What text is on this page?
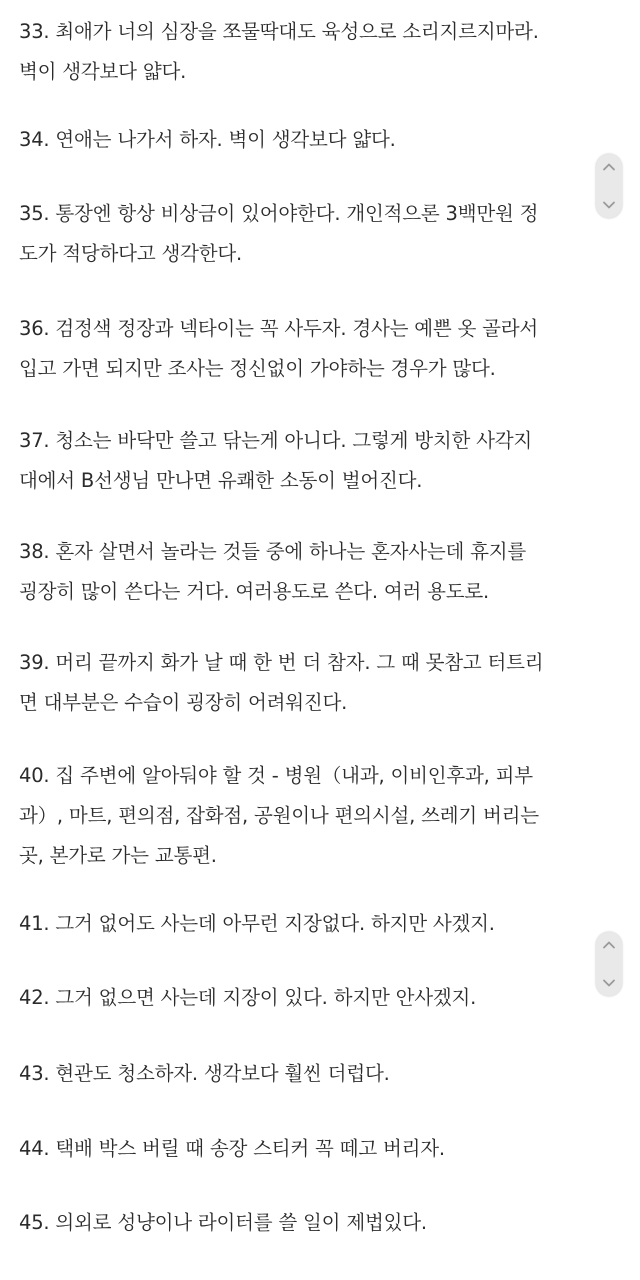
33. 최애가 너의 심장을 쪼물딱대도 육성으로 소리지르지마라.
벽이 생각보다 얇다.
34. 연애는 나가서 하자. 벽이 생각보다 얇다.
35. 통장엔 항상 비상금이 있어야한다. 개인적으론 3백만원 정
도가 적당하다고 생각한다.
36. 검정색 정장과 넥타이는 꼭 사두자. 경사는 예쁜 옷 골라서
입고 가면 되지만 조사는 정신없이 가야하는 경우가 많다.
37. 청소는 바닥만 쓸고 닦는게 아니다. 그렇게 방치한 사각지
대에서 B선생님 만나면 유쾌한 소동이 벌어진다.
38. 혼자 살면서 놀라는 것들 중에 하나는 혼자사는데 휴지를
굉장히 많이 쓴다는 거다. 여러용도로 쓴다. 여러 용도로.
39. 머리 끝까지 화가 날 때 한 번 더 참자. 그 때 못참고 터트리
면 대부분은 수습이 굉장히 어려워진다.
40. 집 주변에 알아둬야 할 것 - 병원（내과, 이비인후과, 피부
과）, 마트, 편의점, 잡화점, 공원이나 편의시설, 쓰레기 버리는
곳, 본가로 가는 교통편.
41. 그거 없어도 사는데 아무런 지장없다. 하지만 사겠지.
42. 그거 없으면 사는데 지장이 있다. 하지만 안사겠지.
43. 현관도 청소하자. 생각보다 훨씬 더럽다.
44. 택배 박스 버릴 때 송장 스티커 꼭 떼고 버리자.
45. 의외로 성냥이나 라이터를 쓸 일이 제법있다.
